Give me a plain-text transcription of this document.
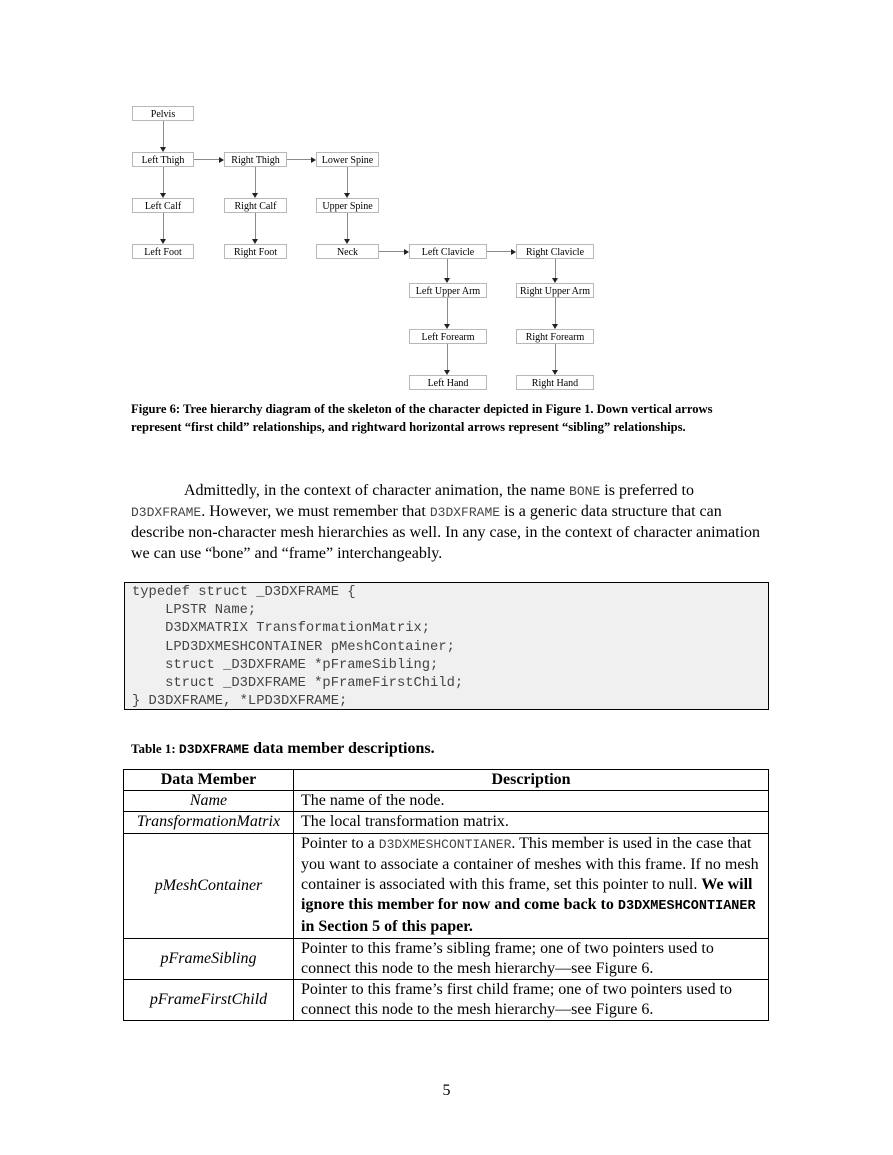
Pelvis
Left Thigh	Right Thigh	Lower Spine
Left Calf	Right Calf	Upper Spine
Left Foot	Right Foot	Neck	Left Clavicle	Right Clavicle
Left Upper Arm	Right Upper Arm
Left Forearm	Right Forearm
Left Hand	Right Hand

Figure 6: Tree hierarchy diagram of the skeleton of the character depicted in Figure 1. Down vertical arrows represent “first child” relationships, and rightward horizontal arrows represent “sibling” relationships.

Admittedly, in the context of character animation, the name BONE is preferred to D3DXFRAME. However, we must remember that D3DXFRAME is a generic data structure that can describe non-character mesh hierarchies as well. In any case, in the context of character animation we can use “bone” and “frame” interchangeably.

typedef struct _D3DXFRAME {
LPSTR Name;
D3DXMATRIX TransformationMatrix;
LPD3DXMESHCONTAINER pMeshContainer;
struct _D3DXFRAME *pFrameSibling;
struct _D3DXFRAME *pFrameFirstChild;
} D3DXFRAME, *LPD3DXFRAME;

Table 1: D3DXFRAME data member descriptions.

Data Member	Description
Name	The name of the node.
TransformationMatrix	The local transformation matrix.
pMeshContainer	Pointer to a D3DXMESHCONTIANER. This member is used in the case that you want to associate a container of meshes with this frame. If no mesh container is associated with this frame, set this pointer to null. We will ignore this member for now and come back to D3DXMESHCONTIANER in Section 5 of this paper.
pFrameSibling	Pointer to this frame’s sibling frame; one of two pointers used to connect this node to the mesh hierarchy—see Figure 6.
pFrameFirstChild	Pointer to this frame’s first child frame; one of two pointers used to connect this node to the mesh hierarchy—see Figure 6.

5
